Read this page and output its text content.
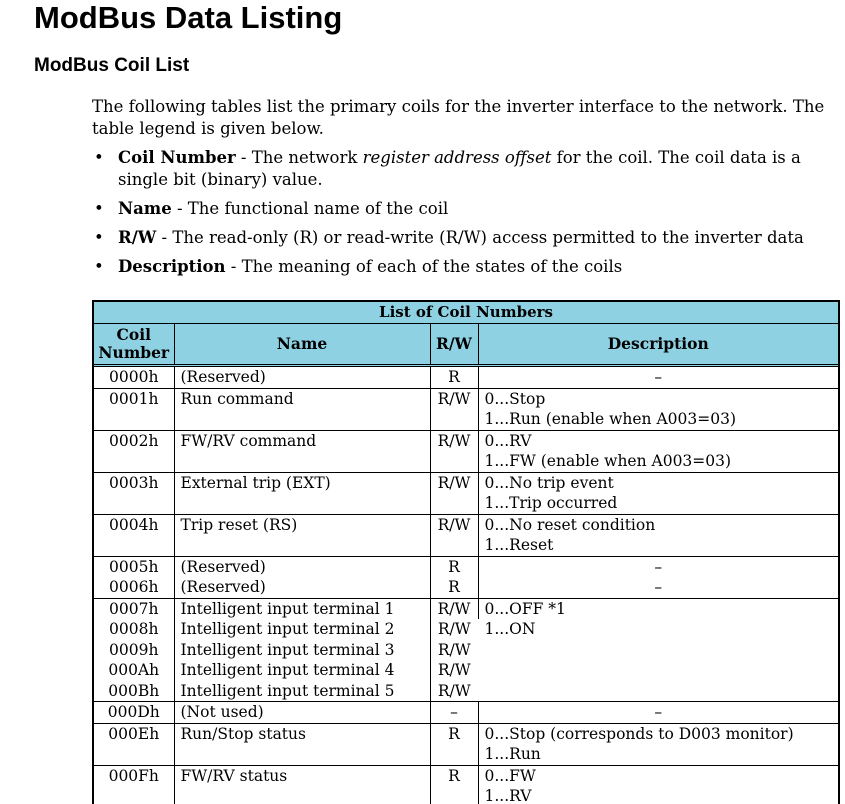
ModBus Data Listing
ModBus Coil List
The following tables list the primary coils for the inverter interface to the network. The table legend is given below.
• Coil Number - The network register address offset for the coil. The coil data is a single bit (binary) value.
• Name - The functional name of the coil
• R/W - The read-only (R) or read-write (R/W) access permitted to the inverter data
• Description - The meaning of each of the states of the coils
List of Coil Numbers
Coil Number	Name	R/W	Description
0000h	(Reserved)	R	–

0001h	Run command	R/W	0...Stop
1...Run (enable when A003=03)

0002h	FW/RV command	R/W	0...RV
1...FW (enable when A003=03)

0003h	External trip (EXT)	R/W	0...No trip event
1...Trip occurred

0004h	Trip reset (RS)	R/W	0...No reset condition
1...Reset

0005h	(Reserved)	R	–

0006h	(Reserved)	R	–

0007h	Intelligent input terminal 1	R/W	0...OFF *1
1...ON

0008h	Intelligent input terminal 2	R/W	
0009h	Intelligent input terminal 3	R/W	
000Ah	Intelligent input terminal 4	R/W	
000Bh	Intelligent input terminal 5	R/W	
000Dh	(Not used)	–	–

000Eh	Run/Stop status	R	0...Stop (corresponds to D003 monitor)
1...Run

000Fh	FW/RV status	R	0...FW
1...RV
